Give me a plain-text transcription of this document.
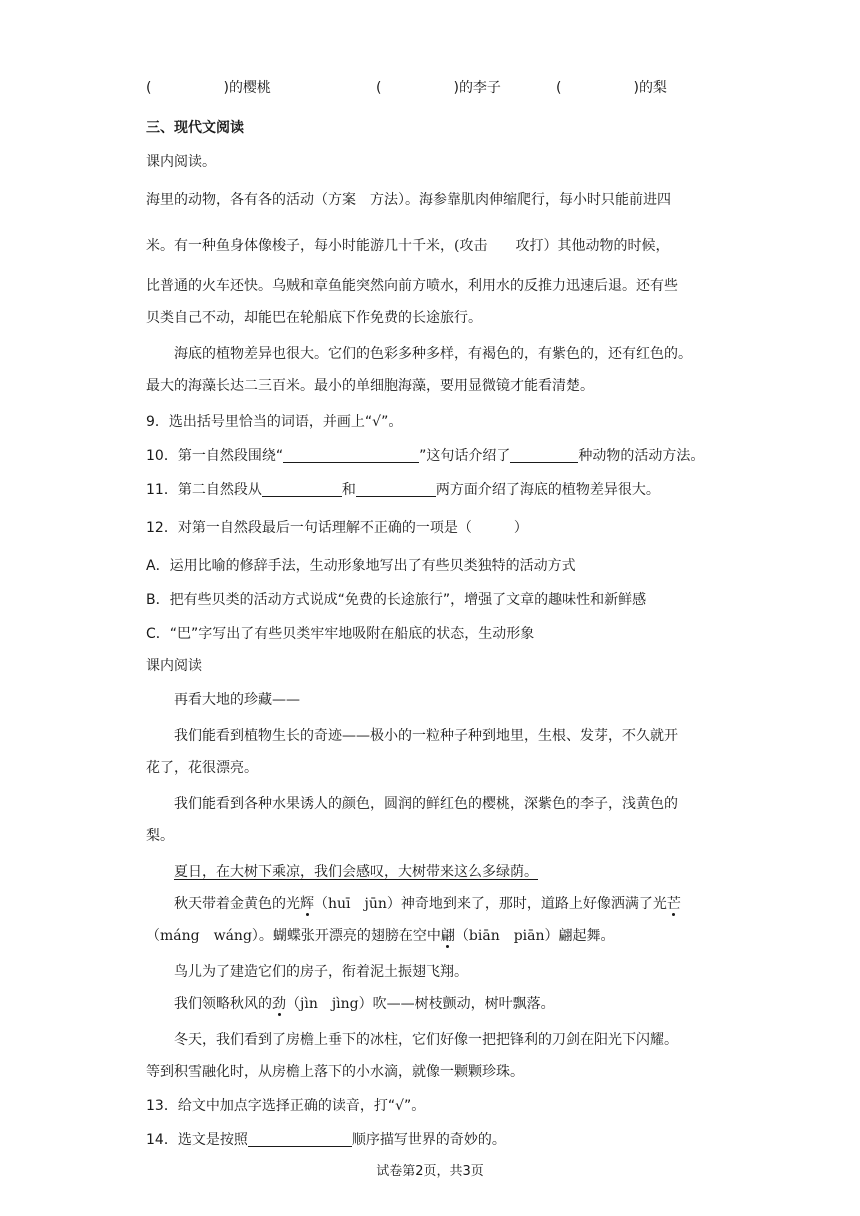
(	)的樱桃	(	)的李子	(	)的梨
三、现代文阅读
课内阅读。
海里的动物，各有各的活动（方案　方法）。海参靠肌肉伸缩爬行，每小时只能前进四
米。有一种鱼身体像梭子，每小时能游几十千米，(攻击　　攻打）其他动物的时候，
比普通的火车还快。乌贼和章鱼能突然向前方喷水，利用水的反推力迅速后退。还有些
贝类自己不动，却能巴在轮船底下作免费的长途旅行。
海底的植物差异也很大。它们的色彩多种多样，有褐色的，有紫色的，还有红色的。
最大的海藻长达二三百米。最小的单细胞海藻，要用显微镜才能看清楚。
9．选出括号里恰当的词语，并画上“√”。
10．第一自然段围绕“	”这句话介绍了	种动物的活动方法。
11．第二自然段从	和	两方面介绍了海底的植物差异很大。
12．对第一自然段最后一句话理解不正确的一项是（　　　）
A．运用比喻的修辞手法，生动形象地写出了有些贝类独特的活动方式
B．把有些贝类的活动方式说成“免费的长途旅行”，增强了文章的趣味性和新鲜感
C．“巴”字写出了有些贝类牢牢地吸附在船底的状态，生动形象
课内阅读
再看大地的珍藏——
我们能看到植物生长的奇迹——极小的一粒种子种到地里，生根、发芽，不久就开
花了，花很漂亮。
我们能看到各种水果诱人的颜色，圆润的鲜红色的樱桃，深紫色的李子，浅黄色的
梨。
夏日，在大树下乘凉，我们会感叹，大树带来这么多绿荫。
秋天带着金黄色的光辉（huī　jūn）神奇地到来了，那时，道路上好像洒满了光芒
（máng　wáng）。蝴蝶张开漂亮的翅膀在空中翩（biān　piān）翩起舞。
鸟儿为了建造它们的房子，衔着泥土振翅飞翔。
我们领略秋风的劲（jìn　jìng）吹——树枝颤动，树叶飘落。
冬天，我们看到了房檐上垂下的冰柱，它们好像一把把锋利的刀剑在阳光下闪耀。
等到积雪融化时，从房檐上落下的小水滴，就像一颗颗珍珠。
13．给文中加点字选择正确的读音，打“√”。
14．选文是按照	顺序描写世界的奇妙的。
试卷第2页，共3页
